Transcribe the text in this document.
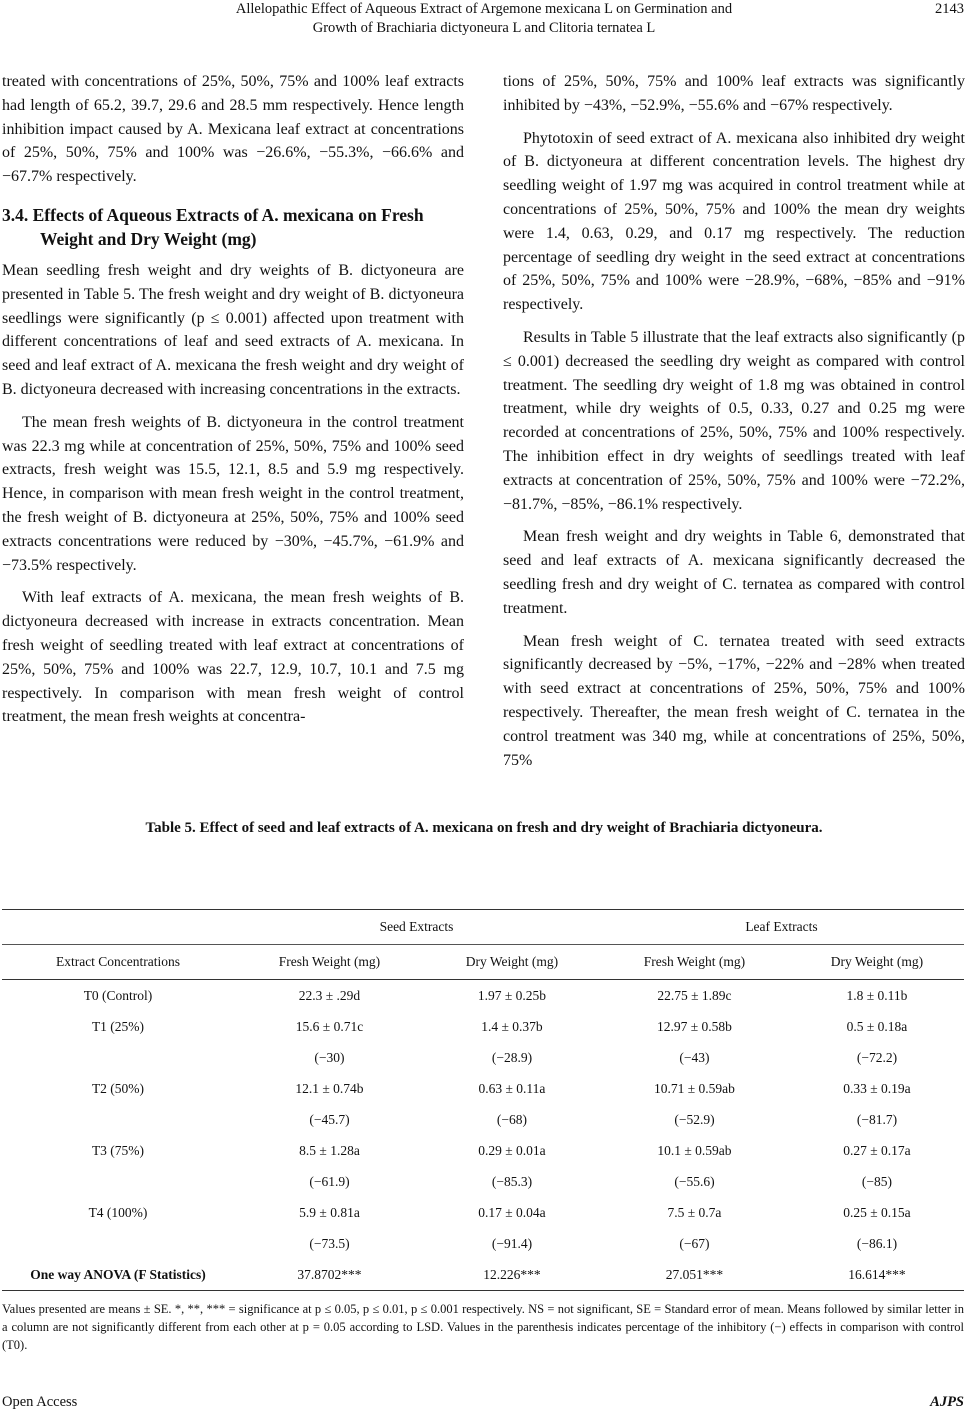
Allelopathic Effect of Aqueous Extract of Argemone mexicana L on Germination and
Growth of Brachiaria dictyoneura L and Clitoria ternatea L
2143

treated with concentrations of 25%, 50%, 75% and 100% leaf extracts had length of 65.2, 39.7, 29.6 and 28.5 mm respectively. Hence length inhibition impact caused by A. Mexicana leaf extract at concentrations of 25%, 50%, 75% and 100% was −26.6%, −55.3%, −66.6% and −67.7% respectively.

3.4. Effects of Aqueous Extracts of A. mexicana on Fresh Weight and Dry Weight (mg)

Mean seedling fresh weight and dry weights of B. dictyoneura are presented in Table 5. The fresh weight and dry weight of B. dictyoneura seedlings were significantly (p ≤ 0.001) affected upon treatment with different concentrations of leaf and seed extracts of A. mexicana. In seed and leaf extract of A. mexicana the fresh weight and dry weight of B. dictyoneura decreased with increasing concentrations in the extracts.

The mean fresh weights of B. dictyoneura in the control treatment was 22.3 mg while at concentration of 25%, 50%, 75% and 100% seed extracts, fresh weight was 15.5, 12.1, 8.5 and 5.9 mg respectively. Hence, in comparison with mean fresh weight in the control treatment, the fresh weight of B. dictyoneura at 25%, 50%, 75% and 100% seed extracts concentrations were reduced by −30%, −45.7%, −61.9% and −73.5% respectively.

With leaf extracts of A. mexicana, the mean fresh weights of B. dictyoneura decreased with increase in extracts concentration. Mean fresh weight of seedling treated with leaf extract at concentrations of 25%, 50%, 75% and 100% was 22.7, 12.9, 10.7, 10.1 and 7.5 mg respectively. In comparison with mean fresh weight of control treatment, the mean fresh weights at concentra-

tions of 25%, 50%, 75% and 100% leaf extracts was significantly inhibited by −43%, −52.9%, −55.6% and −67% respectively.

Phytotoxin of seed extract of A. mexicana also inhibited dry weight of B. dictyoneura at different concentration levels. The highest dry seedling weight of 1.97 mg was acquired in control treatment while at concentrations of 25%, 50%, 75% and 100% the mean dry weights were 1.4, 0.63, 0.29, and 0.17 mg respectively. The reduction percentage of seedling dry weight in the seed extract at concentrations of 25%, 50%, 75% and 100% were −28.9%, −68%, −85% and −91% respectively.

Results in Table 5 illustrate that the leaf extracts also significantly (p ≤ 0.001) decreased the seedling dry weight as compared with control treatment. The seedling dry weight of 1.8 mg was obtained in control treatment, while dry weights of 0.5, 0.33, 0.27 and 0.25 mg were recorded at concentrations of 25%, 50%, 75% and 100% respectively. The inhibition effect in dry weights of seedlings treated with leaf extracts at concentration of 25%, 50%, 75% and 100% were −72.2%, −81.7%, −85%, −86.1% respectively.

Mean fresh weight and dry weights in Table 6, demonstrated that seed and leaf extracts of A. mexicana significantly decreased the seedling fresh and dry weight of C. ternatea as compared with control treatment.

Mean fresh weight of C. ternatea treated with seed extracts significantly decreased by −5%, −17%, −22% and −28% when treated with seed extract at concentrations of 25%, 50%, 75% and 100% respectively. Thereafter, the mean fresh weight of C. ternatea in the control treatment was 340 mg, while at concentrations of 25%, 50%, 75%

Table 5. Effect of seed and leaf extracts of A. mexicana on fresh and dry weight of Brachiaria dictyoneura.
	Seed Extracts		Leaf Extracts	
Extract Concentrations	Fresh Weight (mg)	Dry Weight (mg)	Fresh Weight (mg)	Dry Weight (mg)
T0 (Control)	22.3 ± .29d	1.97 ± 0.25b	22.75 ± 1.89c	1.8 ± 0.11b
T1 (25%)	15.6 ± 0.71c	1.4 ± 0.37b	12.97 ± 0.58b	0.5 ± 0.18a
	(−30)	(−28.9)	(−43)	(−72.2)
T2 (50%)	12.1 ± 0.74b	0.63 ± 0.11a	10.71 ± 0.59ab	0.33 ± 0.19a
	(−45.7)	(−68)	(−52.9)	(−81.7)
T3 (75%)	8.5 ± 1.28a	0.29 ± 0.01a	10.1 ± 0.59ab	0.27 ± 0.17a
	(−61.9)	(−85.3)	(−55.6)	(−85)
T4 (100%)	5.9 ± 0.81a	0.17 ± 0.04a	7.5 ± 0.7a	0.25 ± 0.15a
	(−73.5)	(−91.4)	(−67)	(−86.1)
One way ANOVA (F Statistics)	37.8702***	12.226***	27.051***	16.614***
Values presented are means ± SE. *, **, *** = significance at p ≤ 0.05, p ≤ 0.01, p ≤ 0.001 respectively. NS = not significant, SE = Standard error of mean. Means followed by similar letter in a column are not significantly different from each other at p = 0.05 according to LSD. Values in the parenthesis indicates percentage of the inhibitory (−) effects in comparison with control (T0).
Open Access	AJPS
